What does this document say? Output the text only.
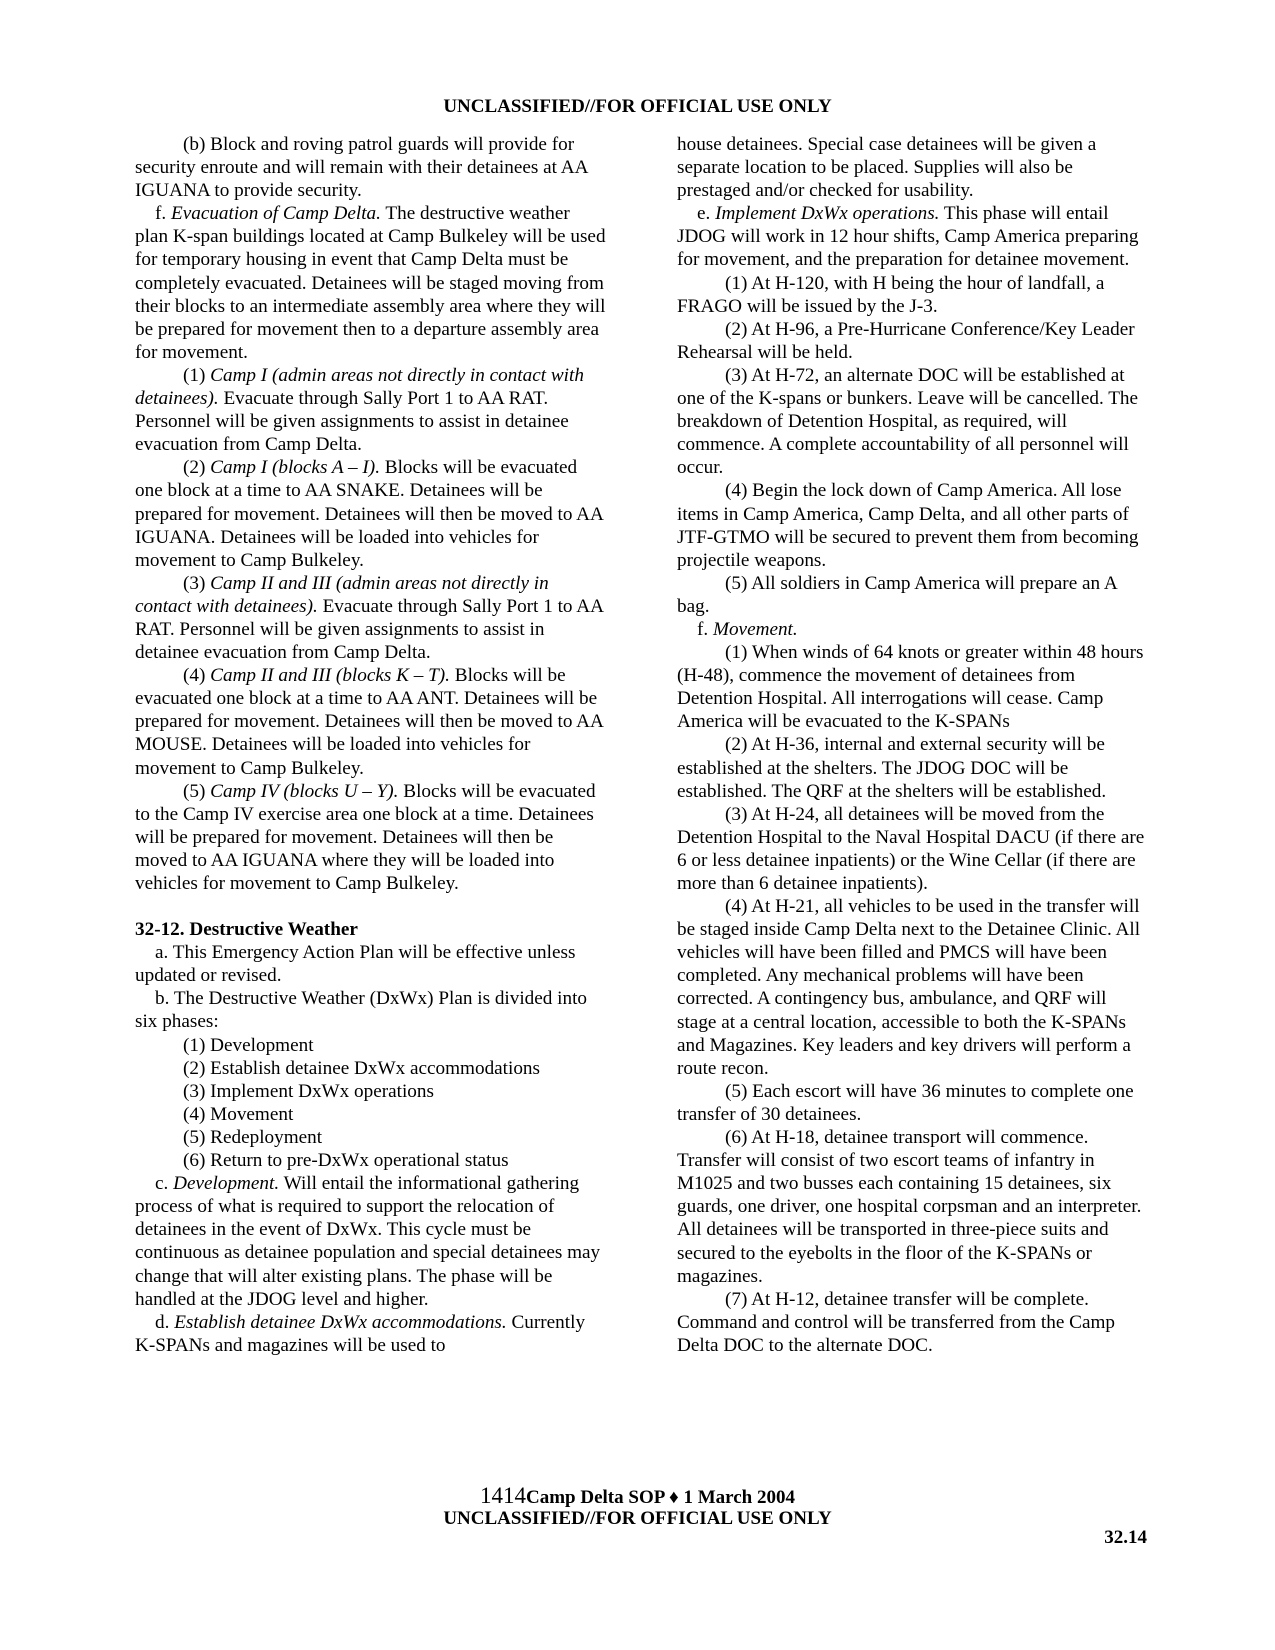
UNCLASSIFIED//FOR OFFICIAL USE ONLY

(b) Block and roving patrol guards will provide for security enroute and will remain with their detainees at AA IGUANA to provide security.

f. Evacuation of Camp Delta. The destructive weather plan K-span buildings located at Camp Bulkeley will be used for temporary housing in event that Camp Delta must be completely evacuated. Detainees will be staged moving from their blocks to an intermediate assembly area where they will be prepared for movement then to a departure assembly area for movement.

(1) Camp I (admin areas not directly in contact with detainees). Evacuate through Sally Port 1 to AA RAT. Personnel will be given assignments to assist in detainee evacuation from Camp Delta.

(2) Camp I (blocks A – I). Blocks will be evacuated one block at a time to AA SNAKE. Detainees will be prepared for movement. Detainees will then be moved to AA IGUANA. Detainees will be loaded into vehicles for movement to Camp Bulkeley.

(3) Camp II and III (admin areas not directly in contact with detainees). Evacuate through Sally Port 1 to AA RAT. Personnel will be given assignments to assist in detainee evacuation from Camp Delta.

(4) Camp II and III (blocks K – T). Blocks will be evacuated one block at a time to AA ANT. Detainees will be prepared for movement. Detainees will then be moved to AA MOUSE. Detainees will be loaded into vehicles for movement to Camp Bulkeley.

(5) Camp IV (blocks U – Y). Blocks will be evacuated to the Camp IV exercise area one block at a time. Detainees will be prepared for movement. Detainees will then be moved to AA IGUANA where they will be loaded into vehicles for movement to Camp Bulkeley.

32-12. Destructive Weather

a. This Emergency Action Plan will be effective unless updated or revised.

b. The Destructive Weather (DxWx) Plan is divided into six phases:

(1) Development

(2) Establish detainee DxWx accommodations

(3) Implement DxWx operations

(4) Movement

(5) Redeployment

(6) Return to pre-DxWx operational status

c. Development. Will entail the informational gathering process of what is required to support the relocation of detainees in the event of DxWx. This cycle must be continuous as detainee population and special detainees may change that will alter existing plans. The phase will be handled at the JDOG level and higher.

d. Establish detainee DxWx accommodations. Currently K-SPANs and magazines will be used to

house detainees. Special case detainees will be given a separate location to be placed. Supplies will also be prestaged and/or checked for usability.

e. Implement DxWx operations. This phase will entail JDOG will work in 12 hour shifts, Camp America preparing for movement, and the preparation for detainee movement.

(1) At H-120, with H being the hour of landfall, a FRAGO will be issued by the J-3.

(2) At H-96, a Pre-Hurricane Conference/Key Leader Rehearsal will be held.

(3) At H-72, an alternate DOC will be established at one of the K-spans or bunkers. Leave will be cancelled. The breakdown of Detention Hospital, as required, will commence. A complete accountability of all personnel will occur.

(4) Begin the lock down of Camp America. All lose items in Camp America, Camp Delta, and all other parts of JTF-GTMO will be secured to prevent them from becoming projectile weapons.

(5) All soldiers in Camp America will prepare an A bag.

f. Movement.

(1) When winds of 64 knots or greater within 48 hours (H-48), commence the movement of detainees from Detention Hospital. All interrogations will cease. Camp America will be evacuated to the K-SPANs

(2) At H-36, internal and external security will be established at the shelters. The JDOG DOC will be established. The QRF at the shelters will be established.

(3) At H-24, all detainees will be moved from the Detention Hospital to the Naval Hospital DACU (if there are 6 or less detainee inpatients) or the Wine Cellar (if there are more than 6 detainee inpatients).

(4) At H-21, all vehicles to be used in the transfer will be staged inside Camp Delta next to the Detainee Clinic. All vehicles will have been filled and PMCS will have been completed. Any mechanical problems will have been corrected. A contingency bus, ambulance, and QRF will stage at a central location, accessible to both the K-SPANs and Magazines. Key leaders and key drivers will perform a route recon.

(5) Each escort will have 36 minutes to complete one transfer of 30 detainees.

(6) At H-18, detainee transport will commence. Transfer will consist of two escort teams of infantry in M1025 and two busses each containing 15 detainees, six guards, one driver, one hospital corpsman and an interpreter. All detainees will be transported in three-piece suits and secured to the eyebolts in the floor of the K-SPANs or magazines.

(7) At H-12, detainee transfer will be complete. Command and control will be transferred from the Camp Delta DOC to the alternate DOC.

1414Camp Delta SOP ♦ 1 March 2004
UNCLASSIFIED//FOR OFFICIAL USE ONLY
32.14
